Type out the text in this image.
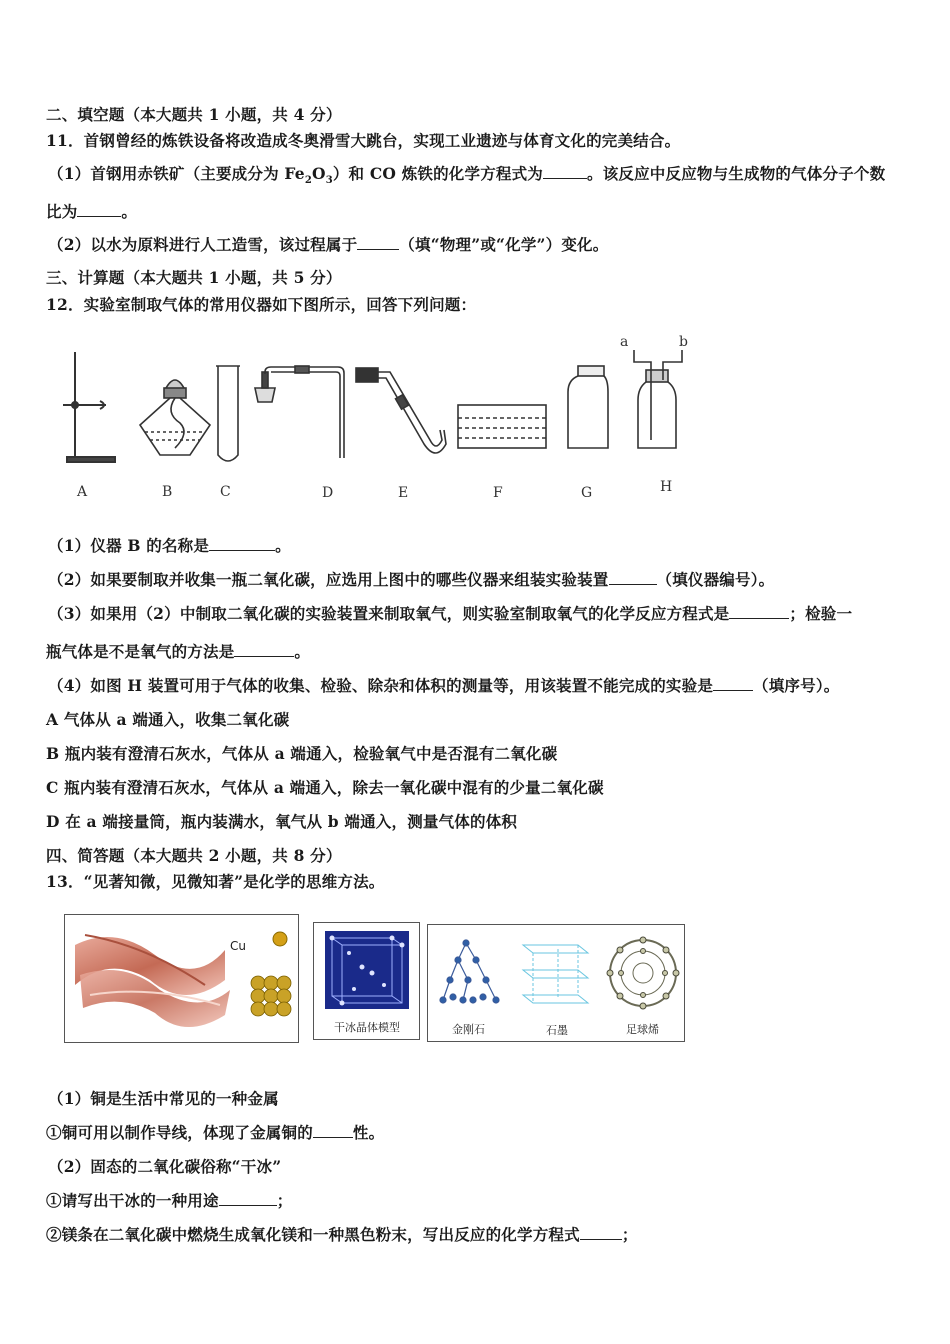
二、填空题（本大题共 1 小题，共 4 分）
11．首钢曾经的炼铁设备将改造成冬奥滑雪大跳台，实现工业遗迹与体育文化的完美结合。
（1）首钢用赤铁矿（主要成分为 $Fe_2O_3$）和 CO 炼铁的化学方程式为	。该反应中反应物与生成物的气体分子个数
比为	。
（2）以水为原料进行人工造雪，该过程属于	（填“物理”或“化学”）变化。
三、计算题（本大题共 1 小题，共 5 分）
12．实验室制取气体的常用仪器如下图所示，回答下列问题：
a	b
A	B	C	D	E	F	G	H
（1）仪器 B 的名称是	。
（2）如果要制取并收集一瓶二氧化碳，应选用上图中的哪些仪器来组装实验装置	（填仪器编号）。
（3）如果用（2）中制取二氧化碳的实验装置来制取氧气，则实验室制取氧气的化学反应方程式是	；检验一
瓶气体是不是氧气的方法是	。
（4）如图 H 装置可用于气体的收集、检验、除杂和体积的测量等，用该装置不能完成的实验是	（填序号）。
A 气体从 a 端通入，收集二氧化碳
B 瓶内装有澄清石灰水，气体从 a 端通入，检验氧气中是否混有二氧化碳
C 瓶内装有澄清石灰水，气体从 a 端通入，除去一氧化碳中混有的少量二氧化碳
D 在 a 端接量筒，瓶内装满水，氧气从 b 端通入，测量气体的体积
四、简答题（本大题共 2 小题，共 8 分）
13．“见著知微，见微知著”是化学的思维方法。
Cu
干冰晶体模型	金刚石	石墨	足球烯
（1）铜是生活中常见的一种金属
①铜可用以制作导线，体现了金属铜的	性。
（2）固态的二氧化碳俗称“干冰”
①请写出干冰的一种用途	；
②镁条在二氧化碳中燃烧生成氧化镁和一种黑色粉末，写出反应的化学方程式	；
